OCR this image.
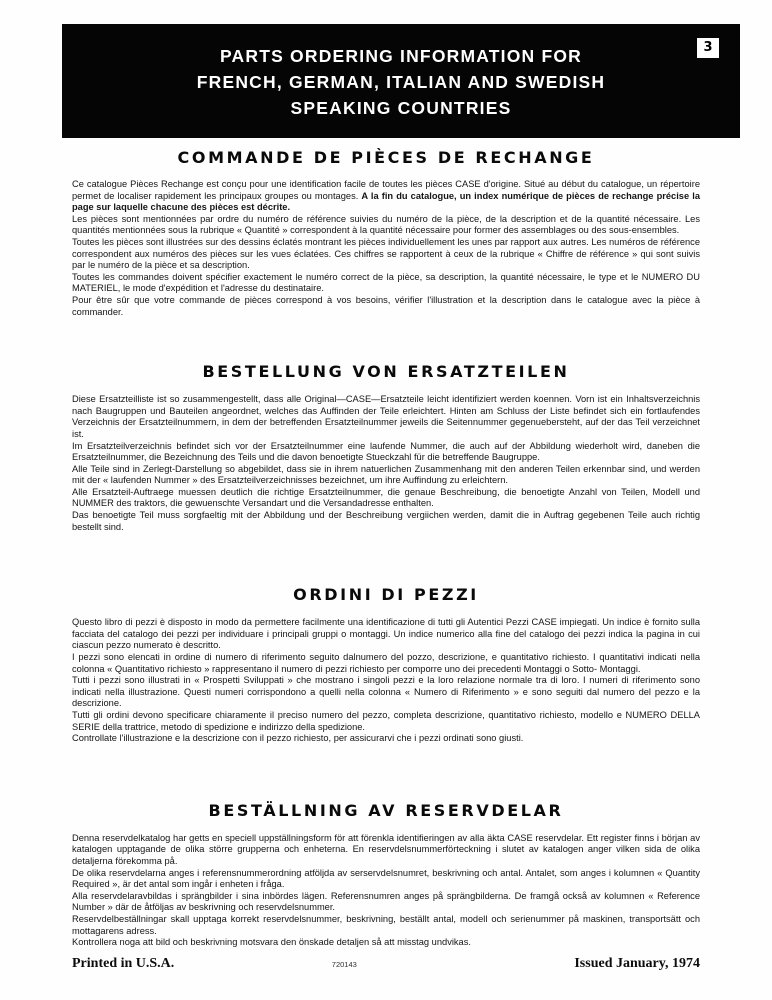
PARTS ORDERING INFORMATION FOR
FRENCH, GERMAN, ITALIAN AND SWEDISH
SPEAKING COUNTRIES
3
COMMANDE DE PIÈCES DE RECHANGE

Ce catalogue Pièces Rechange est conçu pour une identification facile de toutes les pièces CASE d'origine. Situé au début du catalogue, un répertoire permet de localiser rapidement les principaux groupes ou montages. A la fin du catalogue, un index numérique de pièces de rechange précise la page sur laquelle chacune des pièces est décrite.

Les pièces sont mentionnées par ordre du numéro de référence suivies du numéro de la pièce, de la description et de la quantité nécessaire. Les quantités mentionnées sous la rubrique « Quantité » correspondent à la quantité nécessaire pour former des assemblages ou des sous-ensembles.

Toutes les pièces sont illustrées sur des dessins éclatés montrant les pièces individuellement les unes par rapport aux autres. Les numéros de référence correspondent aux numéros des pièces sur les vues éclatées. Ces chiffres se rapportent à ceux de la rubrique « Chiffre de référence » qui sont suivis par le numéro de la pièce et sa description.

Toutes les commandes doivent spécifier exactement le numéro correct de la pièce, sa description, la quantité nécessaire, le type et le NUMERO DU MATERIEL, le mode d'expédition et l'adresse du destinataire.

Pour être sûr que votre commande de pièces correspond à vos besoins, vérifier l'illustration et la description dans le catalogue avec la pièce à commander.

BESTELLUNG VON ERSATZTEILEN

Diese Ersatzteilliste ist so zusammengestellt, dass alle Original—CASE—Ersatzteile leicht identifiziert werden koennen. Vorn ist ein Inhaltsverzeichnis nach Baugruppen und Bauteilen angeordnet, welches das Auffinden der Teile erleichtert. Hinten am Schluss der Liste befindet sich ein fortlaufendes Verzeichnis der Ersatzteilnummern, in dem der betreffenden Ersatzteilnummer jeweils die Seitennummer gegenuebersteht, auf der das Teil verzeichnet ist.

Im Ersatzteilverzeichnis befindet sich vor der Ersatzteilnummer eine laufende Nummer, die auch auf der Abbildung wiederholt wird, daneben die Ersatzteilnummer, die Bezeichnung des Teils und die davon benoetigte Stueckzahl für die betreffende Baugruppe.

Alle Teile sind in Zerlegt-Darstellung so abgebildet, dass sie in ihrem natuerlichen Zusammenhang mit den anderen Teilen erkennbar sind, und werden mit der « laufenden Nummer » des Ersatzteilverzeichnisses bezeichnet, um ihre Auffindung zu erleichtern.

Alle Ersatzteil-Auftraege muessen deutlich die richtige Ersatzteilnummer, die genaue Beschreibung, die benoetigte Anzahl von Teilen, Modell und NUMMER des traktors, die gewuenschte Versandart und die Versandadresse enthalten.

Das benoetigte Teil muss sorgfaeltig mit der Abbildung und der Beschreibung vergiichen werden, damit die in Auftrag gegebenen Teile auch richtig bestellt sind.

ORDINI DI PEZZI

Questo libro di pezzi è disposto in modo da permettere facilmente una identificazione di tutti gli Autentici Pezzi CASE impiegati. Un indice è fornito sulla facciata del catalogo dei pezzi per individuare i principali gruppi o montaggi. Un indice numerico alla fine del catalogo dei pezzi indica la pagina in cui ciascun pezzo numerato è descritto.

I pezzi sono elencati in ordine di numero di riferimento seguito dalnumero del pozzo, descrizione, e quantitativo richiesto. I quantitativi indicati nella colonna « Quantitativo richiesto » rappresentano il numero di pezzi richiesto per comporre uno dei precedenti Montaggi o Sotto- Montaggi.

Tutti i pezzi sono illustrati in « Prospetti Sviluppati » che mostrano i singoli pezzi e la loro relazione normale tra di loro. I numeri di riferimento sono indicati nella illustrazione. Questi numeri corrispondono a quelli nella colonna « Numero di Riferimento » e sono seguiti dal numero del pezzo e la descrizione.

Tutti gli ordini devono specificare chiaramente il preciso numero del pezzo, completa descrizione, quantitativo richiesto, modello e NUMERO DELLA SERIE della trattrice, metodo di spedizione e indirizzo della spedizione.

Controllate l'illustrazione e la descrizione con il pezzo richiesto, per assicurarvi che i pezzi ordinati sono giusti.

BESTÄLLNING AV RESERVDELAR

Denna reservdelkatalog har getts en speciell uppställningsform för att förenkla identifieringen av alla äkta CASE reservdelar. Ett register finns i början av katalogen upptagande de olika större grupperna och enheterna. En reservdelsnummerförteckning i slutet av katalogen anger vilken sida de olika detaljerna förekomma på.

De olika reservdelarna anges i referensnummerordning atföljda av serservdelsnumret, beskrivning och antal. Antalet, som anges i kolumnen « Quantity Required », är det antal som ingår i enheten i fråga.

Alla reservdelaravbildas i sprängbilder i sina inbördes lägen. Referensnumren anges på sprängbilderna. De framgå också av kolumnen « Reference Number » där de åtföljas av beskrivning och reservdelsnummer.

Reservdelbeställningar skall upptaga korrekt reservdelsnummer, beskrivning, beställt antal, modell och serienummer på maskinen, transportsätt och mottagarens adress.

Kontrollera noga att bild och beskrivning motsvara den önskade detaljen så att misstag undvikas.

Printed in U.S.A.	720143	Issued January, 1974
